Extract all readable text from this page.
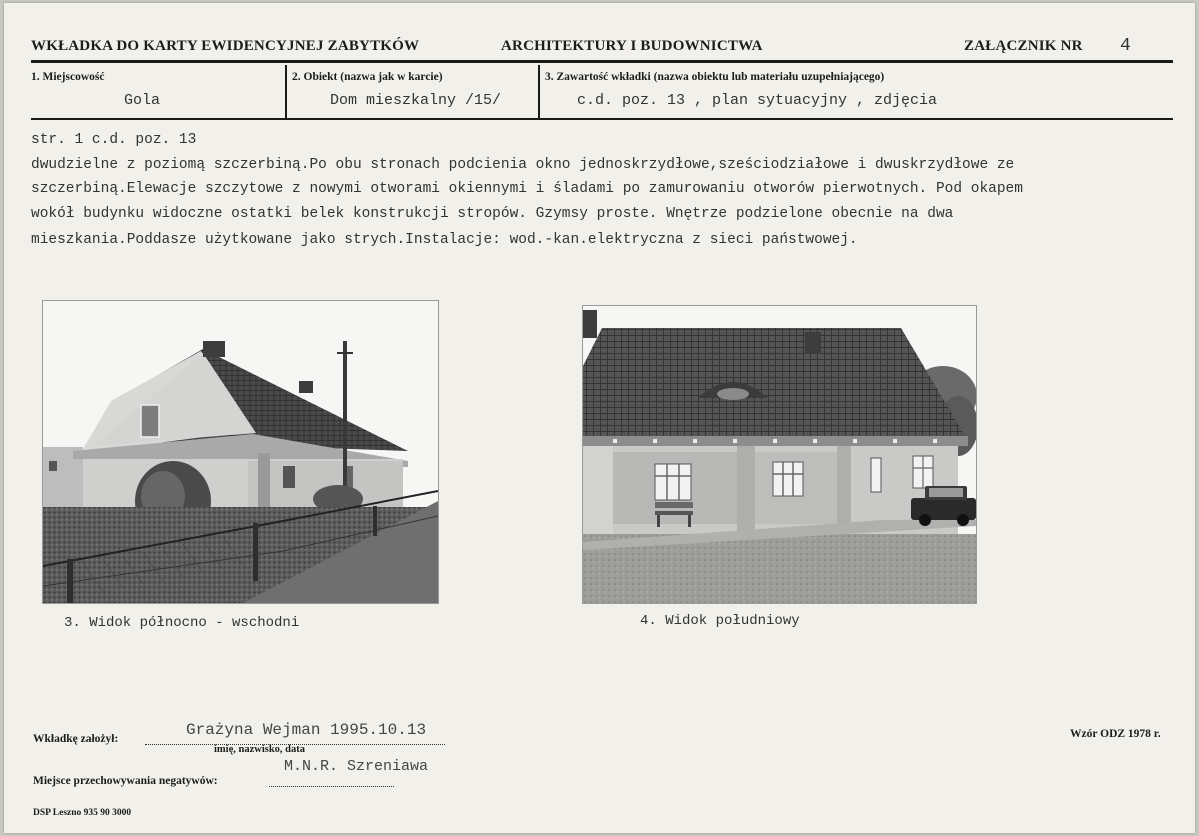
WKŁADKA DO KARTY EWIDENCYJNEJ ZABYTKÓW	ARCHITEKTURY I BUDOWNICTWA	ZAŁĄCZNIK NR 4
1. Miejscowość
Gola
2. Obiekt (nazwa jak w karcie)
Dom mieszkalny /15/
3. Zawartość wkładki (nazwa obiektu lub materiału uzupełniającego)
c.d. poz. 13 , plan sytuacyjny , zdjęcia
str. 1 c.d. poz. 13
dwudzielne z poziomą szczerbiną.Po obu stronach podcienia okno jednoskrzydłowe,sześciodziałowe i dwuskrzydłowe ze
szczerbiną.Elewacje szczytowe z nowymi otworami okiennymi i śladami po zamurowaniu otworów pierwotnych. Pod okapem
wokół budynku widoczne ostatki belek konstrukcji stropów. Gzymsy proste. Wnętrze podzielone obecnie na dwa
mieszkania.Poddasze użytkowane jako strych.Instalacje: wod.-kan.elektryczna z sieci państwowej.
3. Widok północno - wschodni	4. Widok południowy
Wkładkę założył:	Grażyna Wejman 1995.10.13
imię, nazwisko, data
Miejsce przechowywania negatywów:
M.N.R. Szreniawa
Wzór ODZ 1978 r.
DSP Leszno 935 90 3000
